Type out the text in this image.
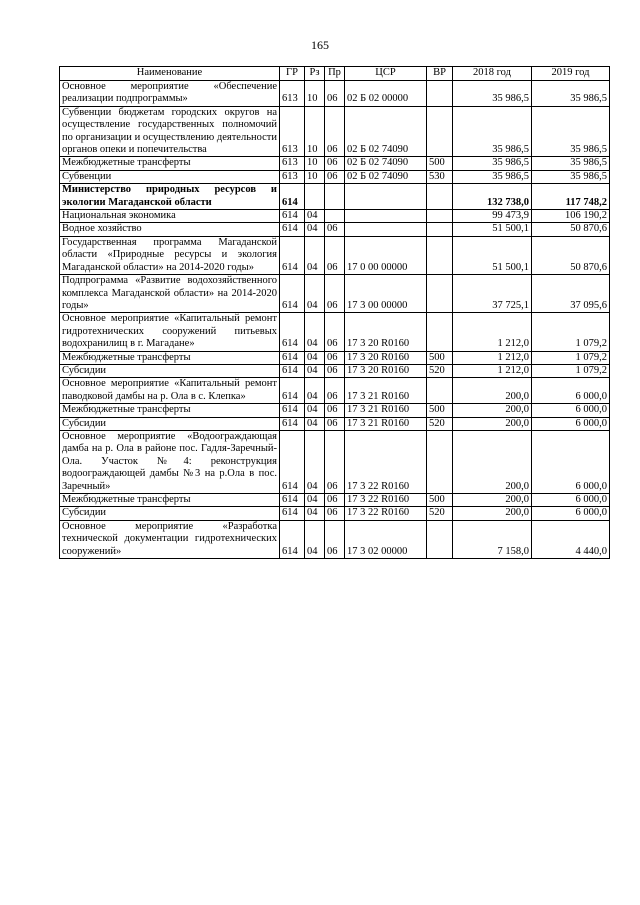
165
Наименование	ГР	Рз	Пр	ЦСР	ВР	2018 год	2019 год
Основное мероприятие «Обеспечение реализации подпрограммы»	613	10	06	02 Б 02 00000		35 986,5	35 986,5
Субвенции бюджетам городских округов на осуществление государственных полномочий по организации и осуществлению деятельности органов опеки и попечительства	613	10	06	02 Б 02 74090		35 986,5	35 986,5
Межбюджетные трансферты	613	10	06	02 Б 02 74090	500	35 986,5	35 986,5
Субвенции	613	10	06	02 Б 02 74090	530	35 986,5	35 986,5
Министерство природных ресурсов и экологии Магаданской области	614					132 738,0	117 748,2
Национальная экономика	614	04				99 473,9	106 190,2
Водное хозяйство	614	04	06			51 500,1	50 870,6
Государственная программа Магаданской области «Природные ресурсы и экология Магаданской области» на 2014-2020 годы»	614	04	06	17 0 00 00000		51 500,1	50 870,6
Подпрограмма «Развитие водохозяйственного комплекса Магаданской области» на 2014-2020 годы»	614	04	06	17 3 00 00000		37 725,1	37 095,6
Основное мероприятие «Капитальный ремонт гидротехнических сооружений питьевых водохранилищ в г. Магадане»	614	04	06	17 3 20 R0160		1 212,0	1 079,2
Межбюджетные трансферты	614	04	06	17 3 20 R0160	500	1 212,0	1 079,2
Субсидии	614	04	06	17 3 20 R0160	520	1 212,0	1 079,2
Основное мероприятие «Капитальный ремонт паводковой дамбы на р. Ола в с. Клепка»	614	04	06	17 3 21 R0160		200,0	6 000,0
Межбюджетные трансферты	614	04	06	17 3 21 R0160	500	200,0	6 000,0
Субсидии	614	04	06	17 3 21 R0160	520	200,0	6 000,0
Основное мероприятие «Водоограждающая дамба на р. Ола в районе пос. Гадля-Заречный-Ола. Участок №4: реконструкция водоограждающей дамбы №3 на р.Ола в пос. Заречный»	614	04	06	17 3 22 R0160		200,0	6 000,0
Межбюджетные трансферты	614	04	06	17 3 22 R0160	500	200,0	6 000,0
Субсидии	614	04	06	17 3 22 R0160	520	200,0	6 000,0
Основное мероприятие «Разработка технической документации гидротехнических сооружений»	614	04	06	17 3 02 00000		7 158,0	4 440,0
